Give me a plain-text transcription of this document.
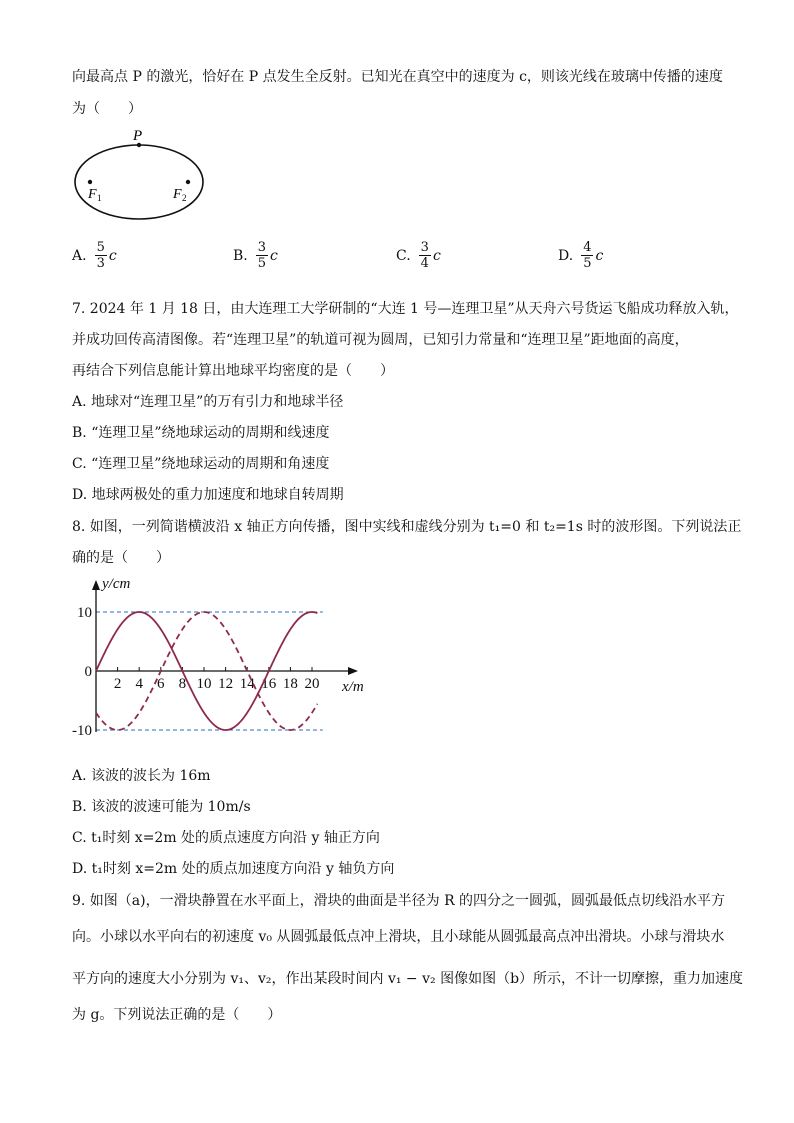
向最高点 P 的激光，恰好在 P 点发生全反射。已知光在真空中的速度为 c，则该光线在玻璃中传播的速度
为（　　）
P
F 1	F 2
A. $\frac{5}{3}$ c	B. $\frac{3}{5}$ c	C. $\frac{3}{4}$ c	D. $\frac{4}{5}$ c
7. 2024 年 1 月 18 日，由大连理工大学研制的“大连 1 号—连理卫星”从天舟六号货运飞船成功释放入轨，
并成功回传高清图像。若“连理卫星”的轨道可视为圆周，已知引力常量和“连理卫星”距地面的高度，
再结合下列信息能计算出地球平均密度的是（　　）
A. 地球对“连理卫星”的万有引力和地球半径
B. “连理卫星”绕地球运动的周期和线速度
C. “连理卫星”绕地球运动的周期和角速度
D. 地球两极处的重力加速度和地球自转周期
8. 如图，一列简谐横波沿 x 轴正方向传播，图中实线和虚线分别为 t₁=0 和 t₂=1s 时的波形图。下列说法正
确的是（　　）
2 4 6 8 10 12 14 16 18 20
10
0
-10
y/cm
x/m
A. 该波的波长为 16m
B. 该波的波速可能为 10m/s
C. t₁时刻 x=2m 处的质点速度方向沿 y 轴正方向
D. t₁时刻 x=2m 处的质点加速度方向沿 y 轴负方向
9. 如图（a)，一滑块静置在水平面上，滑块的曲面是半径为 R 的四分之一圆弧，圆弧最低点切线沿水平方
向。小球以水平向右的初速度 v₀ 从圆弧最低点冲上滑块，且小球能从圆弧最高点冲出滑块。小球与滑块水
平方向的速度大小分别为 v₁、v₂，作出某段时间内 v₁ − v₂ 图像如图（b）所示，不计一切摩擦，重力加速度
为 g。下列说法正确的是（　　）
